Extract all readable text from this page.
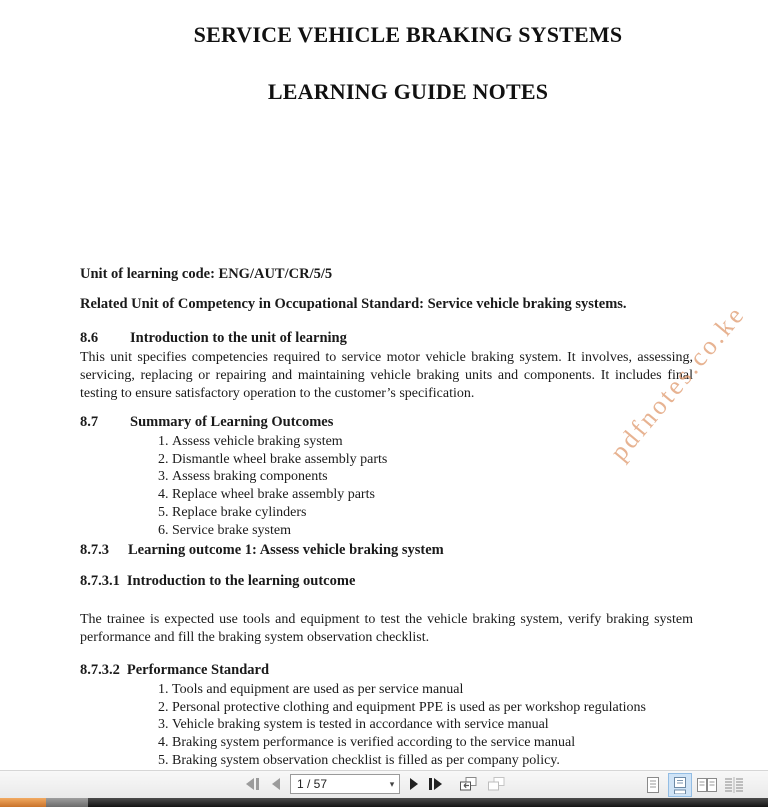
SERVICE VEHICLE BRAKING SYSTEMS
LEARNING GUIDE NOTES
Unit of learning code: ENG/AUT/CR/5/5
Related Unit of Competency in Occupational Standard: Service vehicle braking systems.
8.6 Introduction to the unit of learning
This unit specifies competencies required to service motor vehicle braking system. It involves, assessing, servicing, replacing or repairing and maintaining vehicle braking units and components. It includes final testing to ensure satisfactory operation to the customer’s specification.
8.7 Summary of Learning Outcomes
1. Assess vehicle braking system
2. Dismantle wheel brake assembly parts
3. Assess braking components
4. Replace wheel brake assembly parts
5. Replace brake cylinders
6. Service brake system
8.7.3 Learning outcome 1: Assess vehicle braking system
8.7.3.1 Introduction to the learning outcome
The trainee is expected use tools and equipment to test the vehicle braking system, verify braking system performance and fill the braking system observation checklist.
8.7.3.2 Performance Standard
1. Tools and equipment are used as per service manual
2. Personal protective clothing and equipment PPE is used as per workshop regulations
3. Vehicle braking system is tested in accordance with service manual
4. Braking system performance is verified according to the service manual
5. Braking system observation checklist is filled as per company policy.
pdfnotes.co.ke
1 / 57	▾
